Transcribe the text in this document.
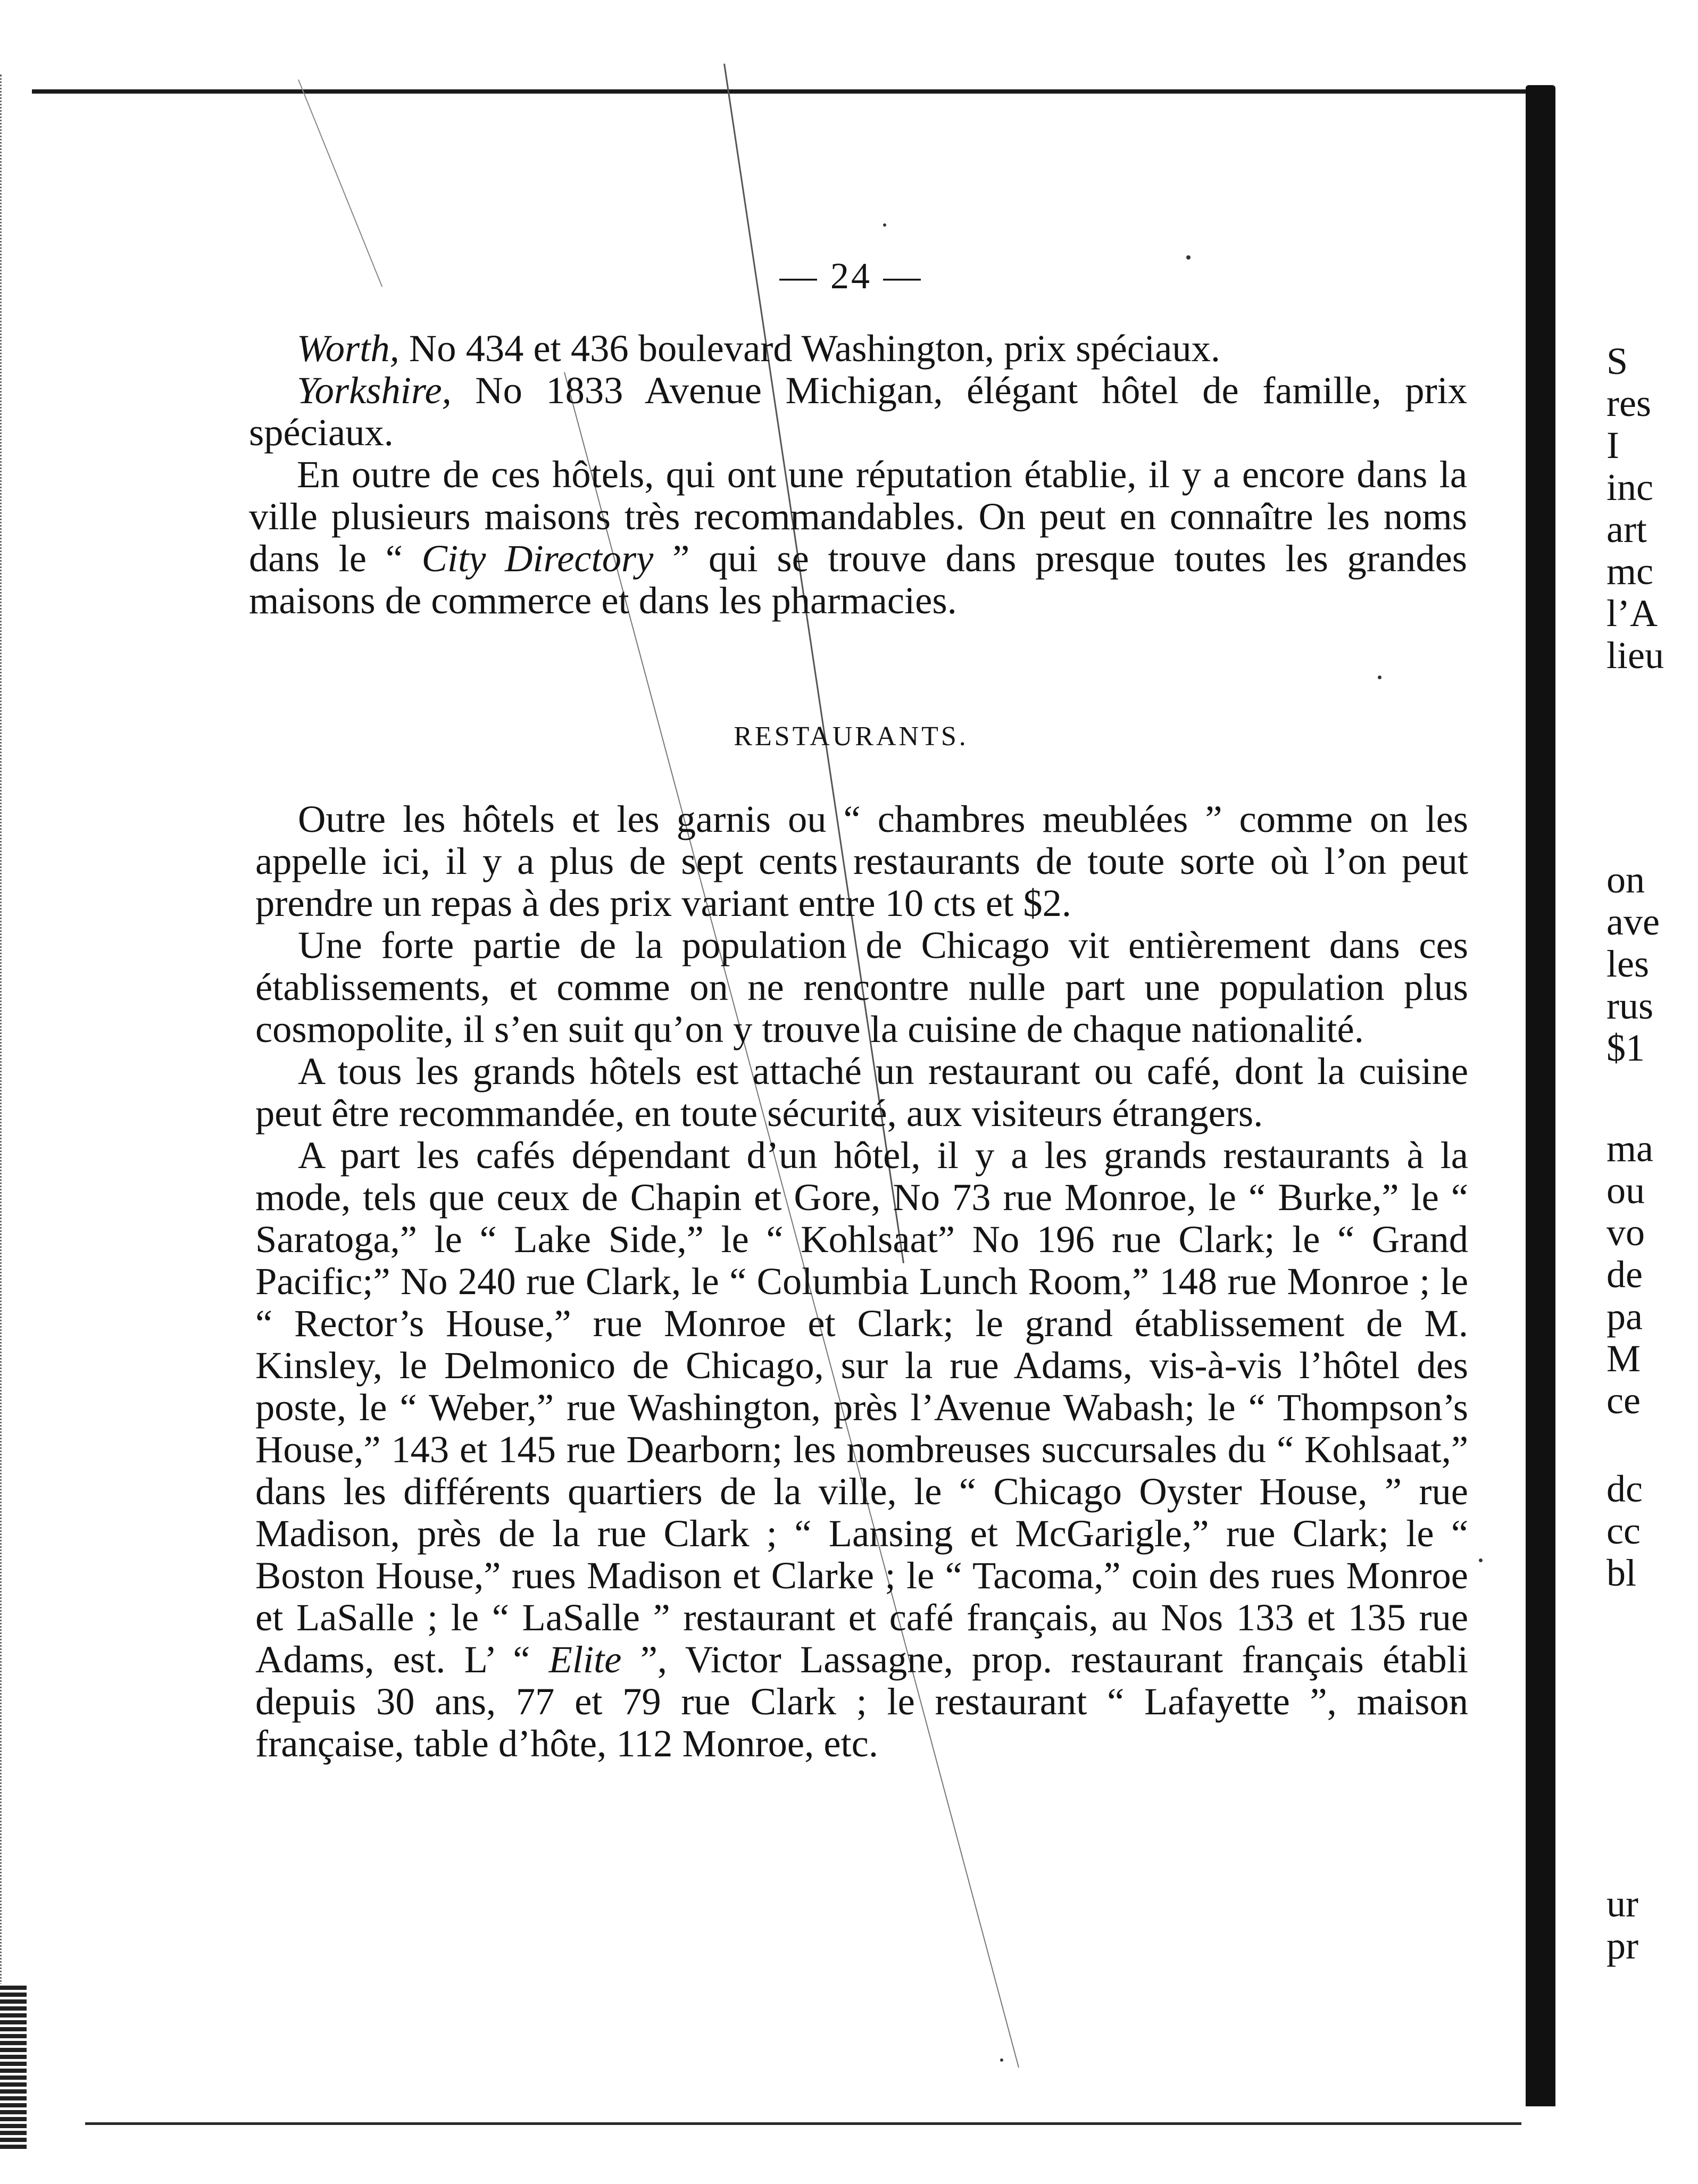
— 24 —

Worth, No 434 et 436 boulevard Washington, prix spéciaux.

Yorkshire, No 1833 Avenue Michigan, élégant hôtel de famille, prix spéciaux.

En outre de ces hôtels, qui ont une réputation établie, il y a encore dans la ville plusieurs maisons très recommandables. On peut en connaître les noms dans le “ City Directory ” qui se trouve dans presque toutes les grandes maisons de commerce et dans les pharmacies.

RESTAURANTS.

Outre les hôtels et les garnis ou “ chambres meublées ” comme on les appelle ici, il y a plus de sept cents restaurants de toute sorte où l’on peut prendre un repas à des prix variant entre 10 cts et $2.

Une forte partie de la population de Chicago vit entièrement dans ces établissements, et comme on ne rencontre nulle part une population plus cosmopolite, il s’en suit qu’on y trouve la cuisine de chaque nationalité.

A tous les grands hôtels est attaché un restaurant ou café, dont la cuisine peut être recommandée, en toute sécurité, aux visiteurs étrangers.

A part les cafés dépendant d’un hôtel, il y a les grands restaurants à la mode, tels que ceux de Chapin et Gore, No 73 rue Monroe, le “ Burke,” le “ Saratoga,” le “ Lake Side,” le “ Kohlsaat” No 196 rue Clark; le “ Grand Pacific;” No 240 rue Clark, le “ Columbia Lunch Room,” 148 rue Monroe ; le “ Rector’s House,” rue Monroe et Clark; le grand établissement de M. Kinsley, le Delmonico de Chicago, sur la rue Adams, vis-à-vis l’hôtel des poste, le “ Weber,” rue Washington, près l’Avenue Wabash; le “ Thompson’s House,” 143 et 145 rue Dearborn; les nombreuses succursales du “ Kohlsaat,” dans les différents quartiers de la ville, le “ Chicago Oyster House, ” rue Madison, près de la rue Clark ; “ Lansing et McGarigle,” rue Clark; le “ Boston House,” rues Madison et Clarke ; le “ Tacoma,” coin des rues Monroe et LaSalle ; le “ LaSalle ” restaurant et café français, au Nos 133 et 135 rue Adams, est. L’ “ Elite ”, Victor Lassagne, prop. restaurant français établi depuis 30 ans, 77 et 79 rue Clark ; le restaurant “ Lafayette ”, maison française, table d’hôte, 112 Monroe, etc.

S
res
I
inc
art
mc
l’A
lieu
on
ave
les
rus
$1
ma
ou
vo
de
pa
M
ce
dc
cc
bl
ur
pr
